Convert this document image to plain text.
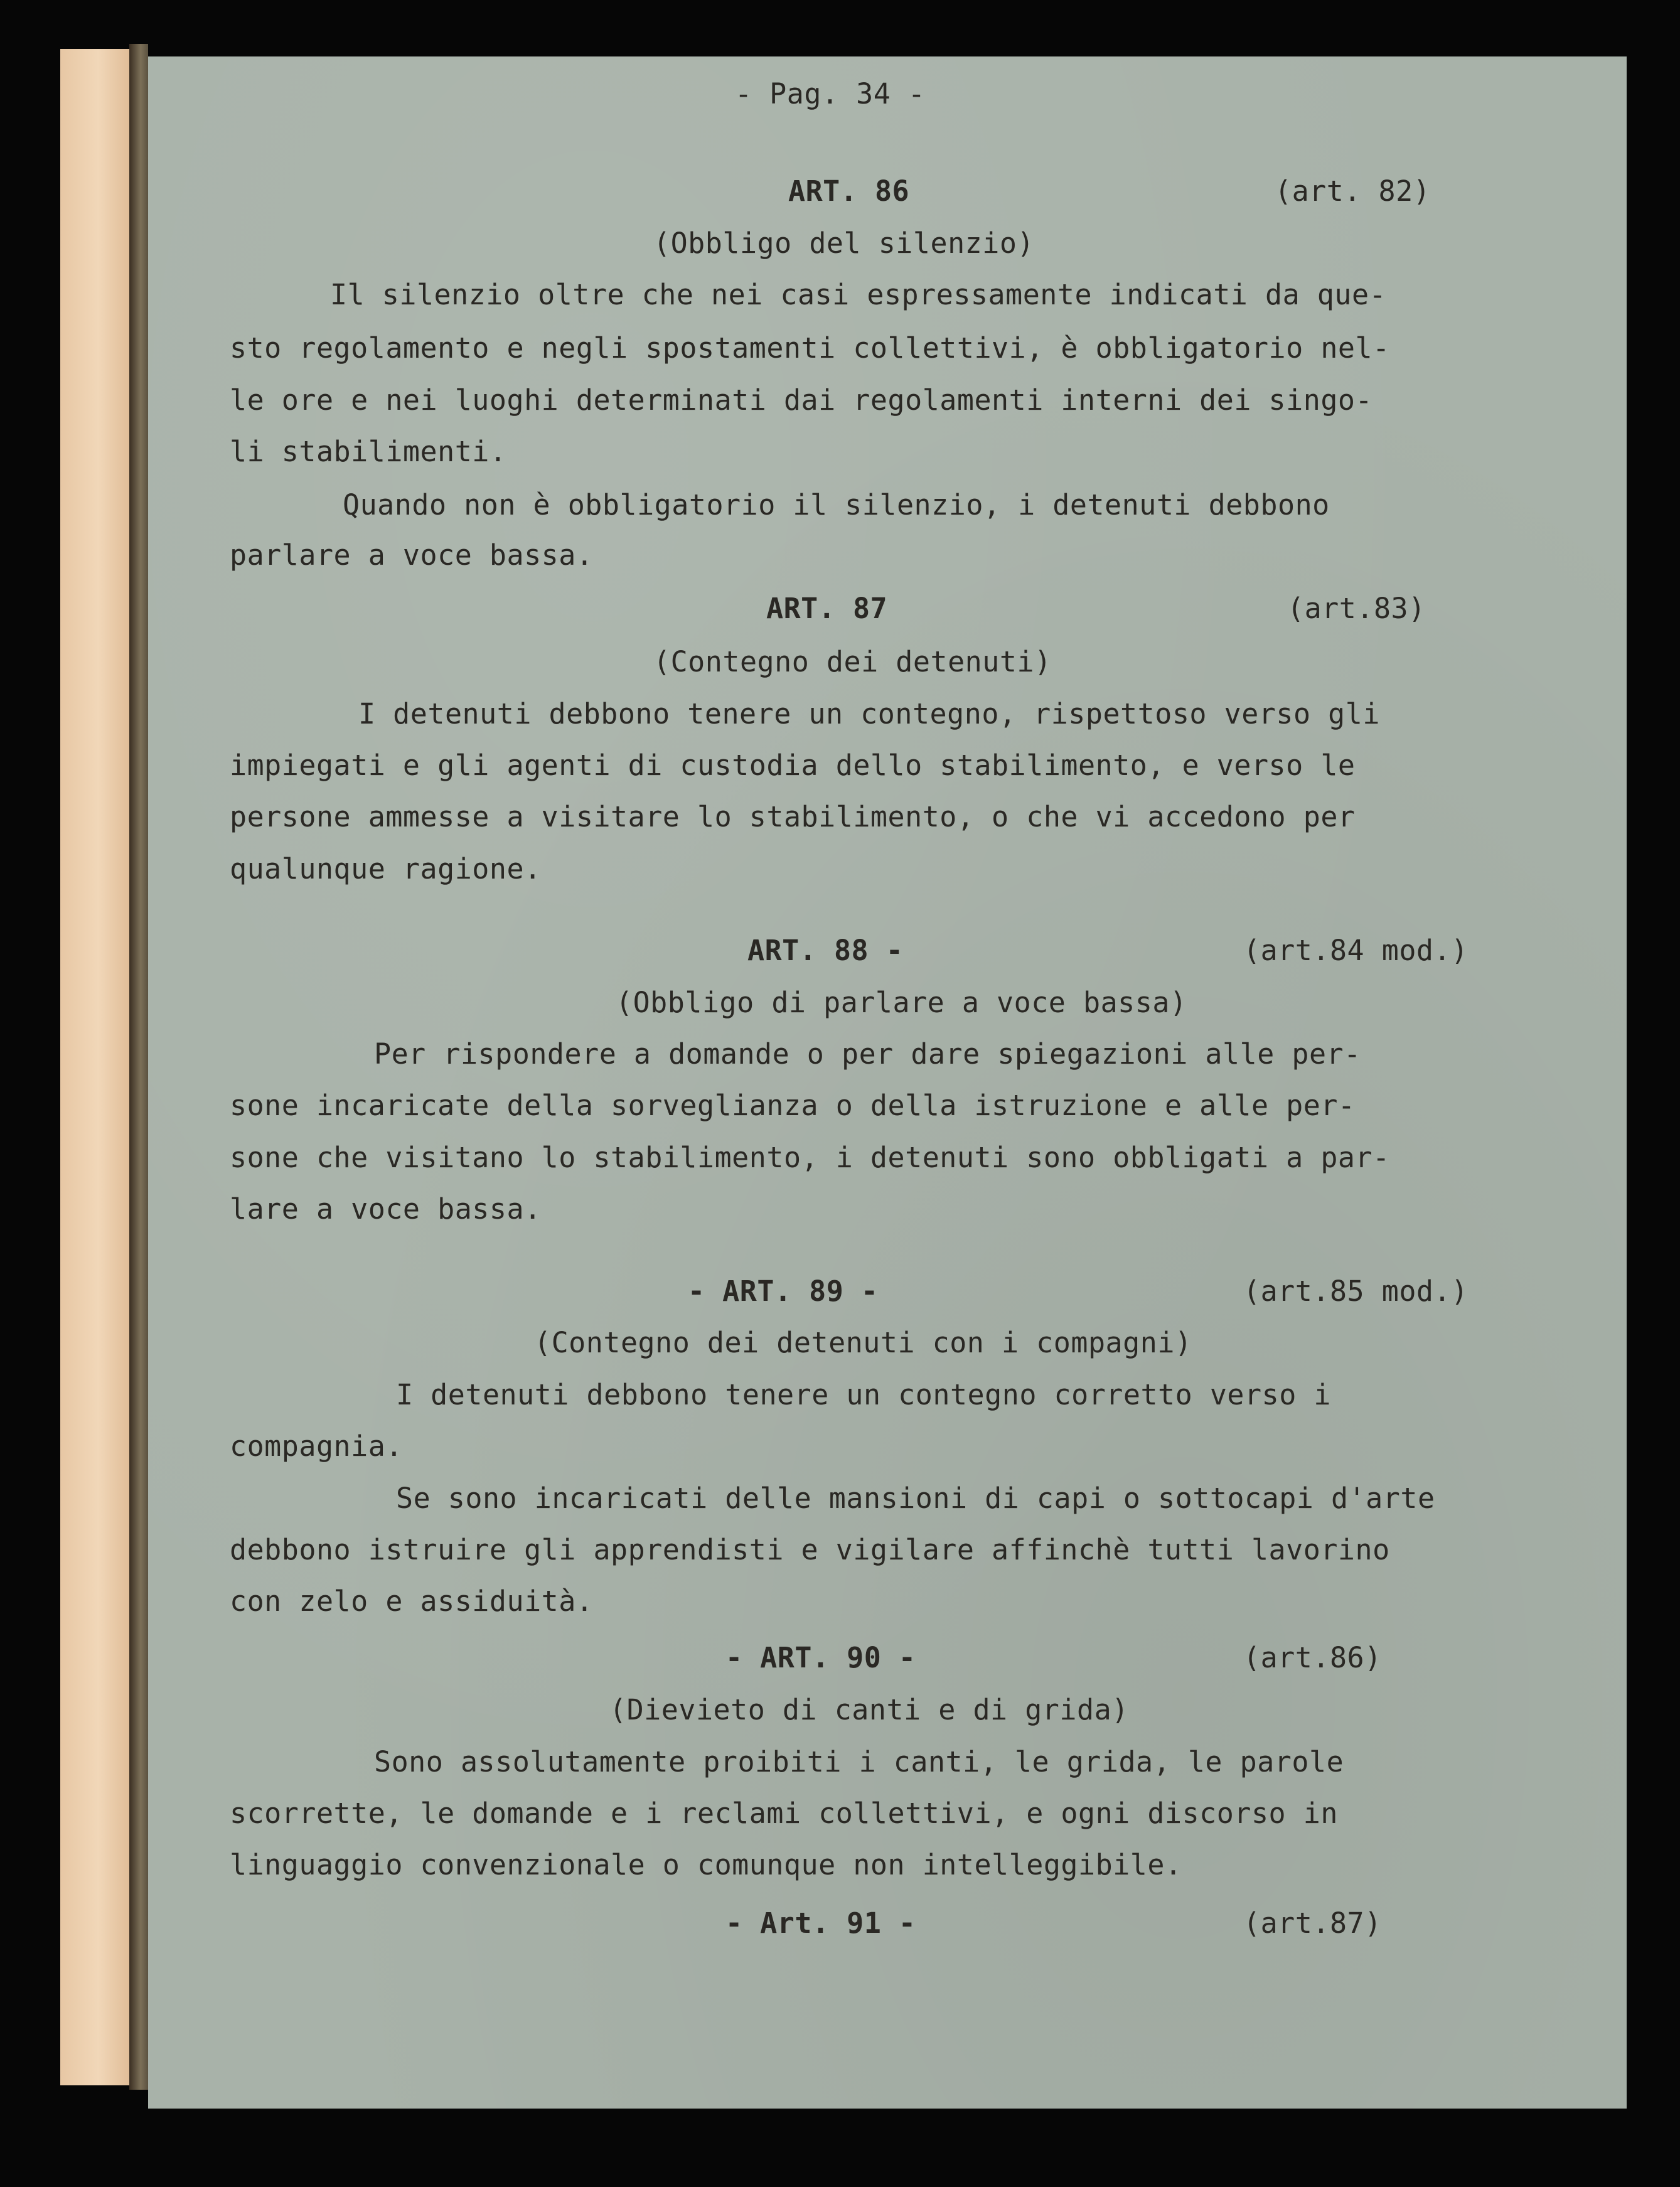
- Pag. 34 -
ART. 86	(art. 82)
(Obbligo del silenzio)
Il silenzio oltre che nei casi espressamente indicati da que-
sto regolamento e negli spostamenti collettivi, è obbligatorio nel-
le ore e nei luoghi determinati dai regolamenti interni dei singo-
li stabilimenti.
Quando non è obbligatorio il silenzio, i detenuti debbono
parlare a voce bassa.
ART. 87	(art.83)
(Contegno dei detenuti)
I detenuti debbono tenere un contegno, rispettoso verso gli
impiegati e gli agenti di custodia dello stabilimento, e verso le
persone ammesse a visitare lo stabilimento, o che vi accedono per
qualunque ragione.
ART. 88 -	(art.84 mod.)
(Obbligo di parlare a voce bassa)
Per rispondere a domande o per dare spiegazioni alle per-
sone incaricate della sorveglianza o della istruzione e alle per-
sone che visitano lo stabilimento, i detenuti sono obbligati a par-
lare a voce bassa.
- ART. 89 -	(art.85 mod.)
(Contegno dei detenuti con i compagni)
I detenuti debbono tenere un contegno corretto verso i
compagnia.
Se sono incaricati delle mansioni di capi o sottocapi d'arte
debbono istruire gli apprendisti e vigilare affinchè tutti lavorino
con zelo e assiduità.
- ART. 90 -	(art.86)
(Dievieto di canti e di grida)
Sono assolutamente proibiti i canti, le grida, le parole
scorrette, le domande e i reclami collettivi, e ogni discorso in
linguaggio convenzionale o comunque non intelleggibile.
- Art. 91 -	(art.87)
